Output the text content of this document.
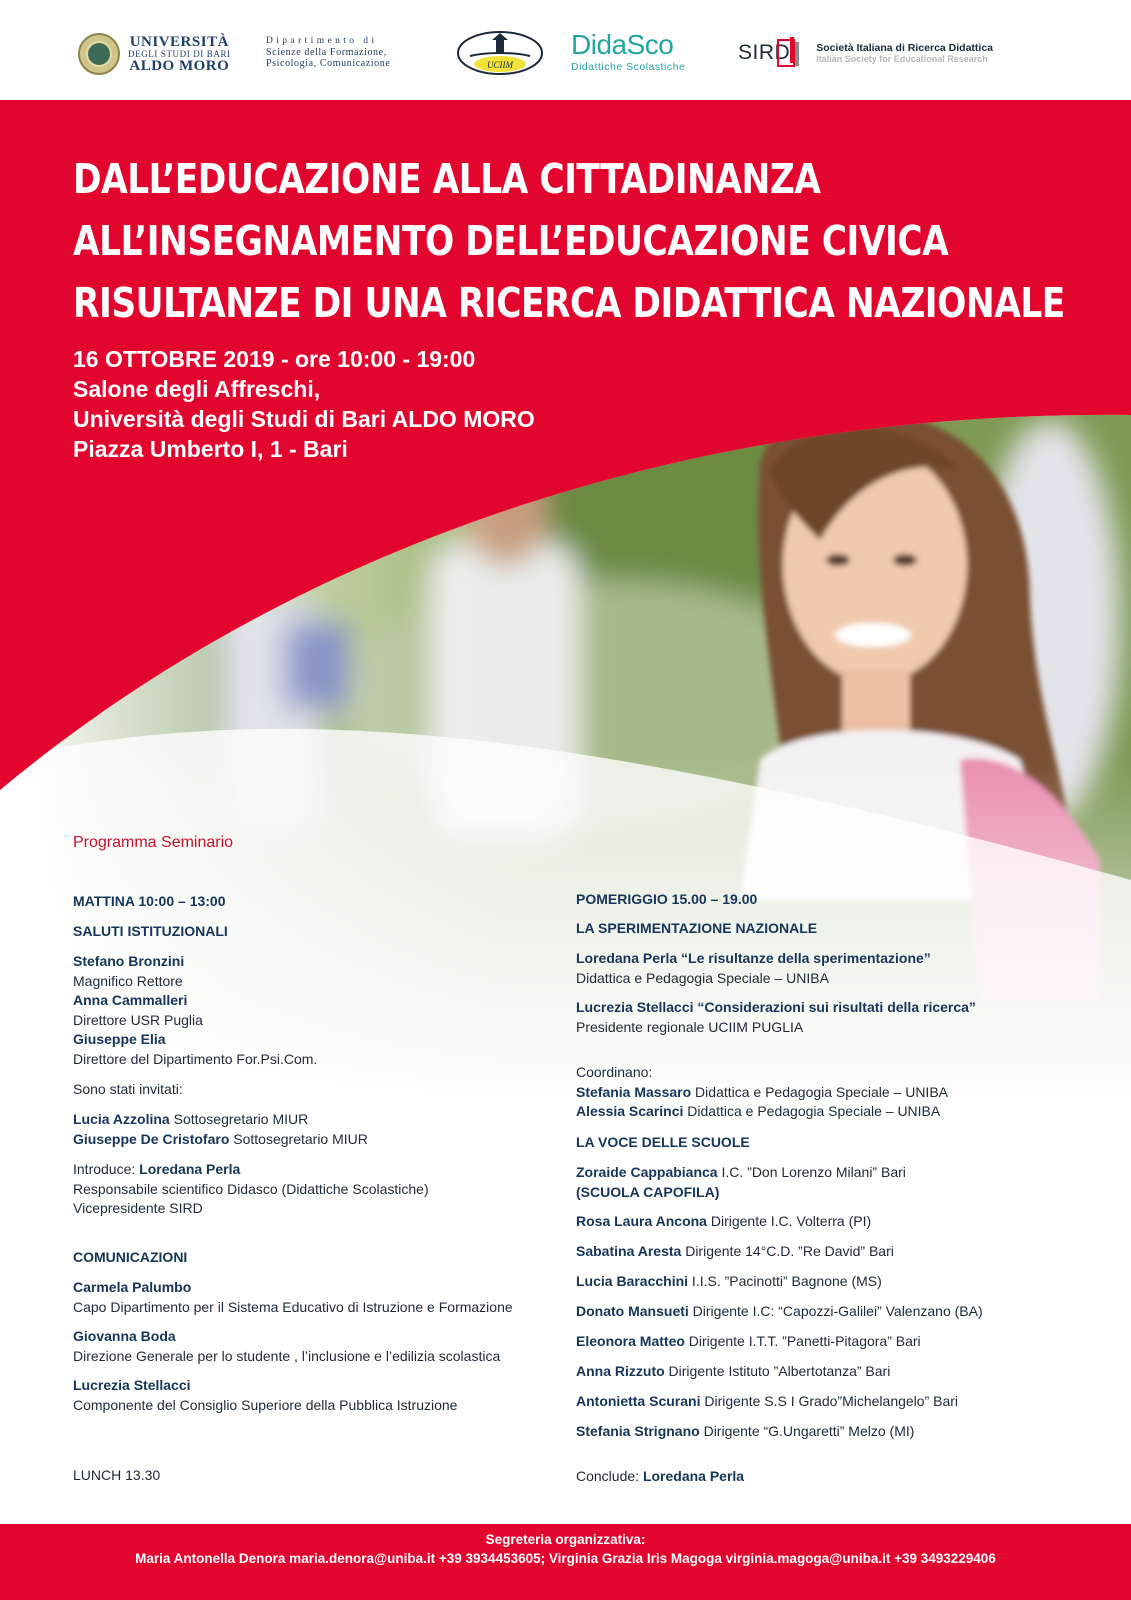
UNIVERSITÀ
DEGLI STUDI DI BARI
ALDO MORO
Dipartimento di
Scienze della Formazione,
Psicologia, Comunicazione	UCIIM
DidaSco
Didattiche Scolastiche
SIRD Società Italiana di Ricerca Didattica
Italian Society for Educational Research
DALL’EDUCAZIONE ALLA CITTADINANZA
ALL’INSEGNAMENTO DELL’EDUCAZIONE CIVICA
RISULTANZE DI UNA RICERCA DIDATTICA NAZIONALE
16 OTTOBRE 2019 - ore 10:00 - 19:00
Salone degli Affreschi,
Università degli Studi di Bari ALDO MORO
Piazza Umberto I, 1 - Bari
Programma Seminario
MATTINA 10:00 – 13:00
SALUTI ISTITUZIONALI
Stefano Bronzini
Magnifico Rettore
Anna Cammalleri
Direttore USR Puglia
Giuseppe Elia
Direttore del Dipartimento For.Psi.Com.
Sono stati invitati:
Lucia Azzolina Sottosegretario MIUR
Giuseppe De Cristofaro Sottosegretario MIUR
Introduce: Loredana Perla
Responsabile scientifico Didasco (Didattiche Scolastiche)
Vicepresidente SIRD
COMUNICAZIONI
Carmela Palumbo
Capo Dipartimento per il Sistema Educativo di Istruzione e Formazione
Giovanna Boda
Direzione Generale per lo studente , l’inclusione e l’edilizia scolastica
Lucrezia Stellacci
Componente del Consiglio Superiore della Pubblica Istruzione
LUNCH 13.30
POMERIGGIO 15.00 – 19.00
LA SPERIMENTAZIONE NAZIONALE
Loredana Perla “Le risultanze della sperimentazione”
Didattica e Pedagogia Speciale – UNIBA
Lucrezia Stellacci “Considerazioni sui risultati della ricerca”
Presidente regionale UCIIM PUGLIA
Coordinano:
Stefania Massaro Didattica e Pedagogia Speciale – UNIBA
Alessia Scarinci Didattica e Pedagogia Speciale – UNIBA
LA VOCE DELLE SCUOLE
Zoraide Cappabianca I.C. ”Don Lorenzo Milani” Bari
(SCUOLA CAPOFILA)
Rosa Laura Ancona Dirigente I.C. Volterra (PI)
Sabatina Aresta Dirigente 14°C.D. ”Re David” Bari
Lucia Baracchini I.I.S. ”Pacinotti” Bagnone (MS)
Donato Mansueti Dirigente I.C: “Capozzi-Galilei” Valenzano (BA)
Eleonora Matteo Dirigente I.T.T. ”Panetti-Pitagora” Bari
Anna Rizzuto Dirigente Istituto ”Albertotanza” Bari
Antonietta Scurani Dirigente S.S I Grado”Michelangelo” Bari
Stefania Strignano Dirigente “G.Ungaretti” Melzo (MI)
Conclude: Loredana Perla
Segreteria organizzativa:
Maria Antonella Denora maria.denora@uniba.it +39 3934453605; Virginia Grazia Iris Magoga virginia.magoga@uniba.it +39 3493229406
